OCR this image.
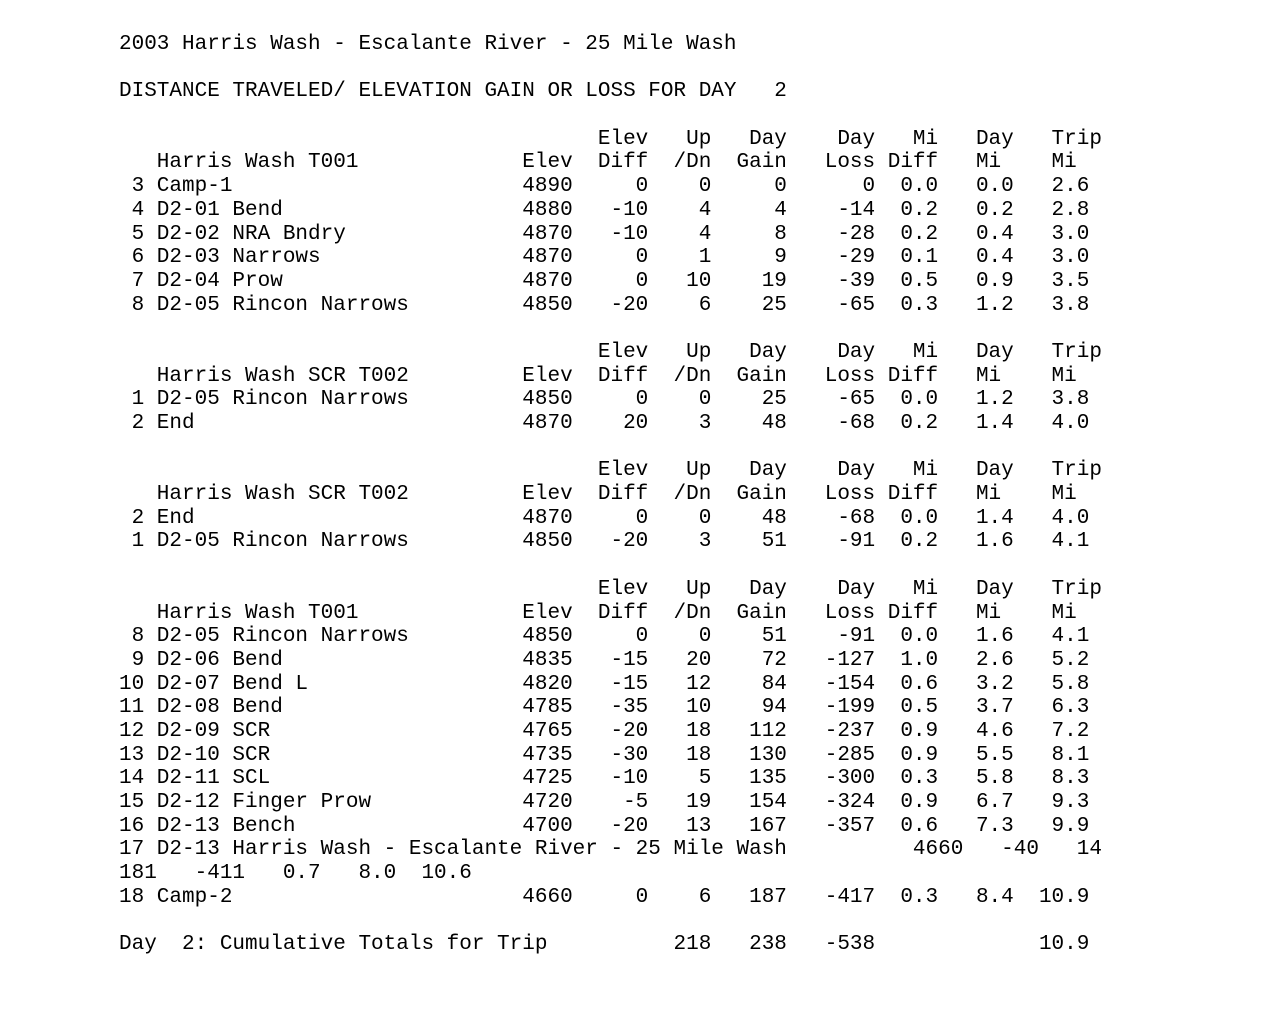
2003 Harris Wash - Escalante River - 25 Mile Wash
DISTANCE TRAVELED/ ELEVATION GAIN OR LOSS FOR DAY   2
Elev   Up   Day    Day   Mi   Day   Trip
Harris Wash T001             Elev  Diff  /Dn  Gain   Loss Diff   Mi    Mi
3 Camp-1                       4890     0    0     0      0  0.0   0.0   2.6
4 D2-01 Bend                   4880   -10    4     4    -14  0.2   0.2   2.8
5 D2-02 NRA Bndry              4870   -10    4     8    -28  0.2   0.4   3.0
6 D2-03 Narrows                4870     0    1     9    -29  0.1   0.4   3.0
7 D2-04 Prow                   4870     0   10    19    -39  0.5   0.9   3.5
8 D2-05 Rincon Narrows         4850   -20    6    25    -65  0.3   1.2   3.8
Elev   Up   Day    Day   Mi   Day   Trip
Harris Wash SCR T002         Elev  Diff  /Dn  Gain   Loss Diff   Mi    Mi
1 D2-05 Rincon Narrows         4850     0    0    25    -65  0.0   1.2   3.8
2 End                          4870    20    3    48    -68  0.2   1.4   4.0
Elev   Up   Day    Day   Mi   Day   Trip
Harris Wash SCR T002         Elev  Diff  /Dn  Gain   Loss Diff   Mi    Mi
2 End                          4870     0    0    48    -68  0.0   1.4   4.0
1 D2-05 Rincon Narrows         4850   -20    3    51    -91  0.2   1.6   4.1
Elev   Up   Day    Day   Mi   Day   Trip
Harris Wash T001             Elev  Diff  /Dn  Gain   Loss Diff   Mi    Mi
8 D2-05 Rincon Narrows         4850     0    0    51    -91  0.0   1.6   4.1
9 D2-06 Bend                   4835   -15   20    72   -127  1.0   2.6   5.2
10 D2-07 Bend L                 4820   -15   12    84   -154  0.6   3.2   5.8
11 D2-08 Bend                   4785   -35   10    94   -199  0.5   3.7   6.3
12 D2-09 SCR                    4765   -20   18   112   -237  0.9   4.6   7.2
13 D2-10 SCR                    4735   -30   18   130   -285  0.9   5.5   8.1
14 D2-11 SCL                    4725   -10    5   135   -300  0.3   5.8   8.3
15 D2-12 Finger Prow            4720    -5   19   154   -324  0.9   6.7   9.3
16 D2-13 Bench                  4700   -20   13   167   -357  0.6   7.3   9.9
17 D2-13 Harris Wash - Escalante River - 25 Mile Wash          4660   -40   14
181   -411   0.7   8.0  10.6
18 Camp-2                       4660     0    6   187   -417  0.3   8.4  10.9
Day  2: Cumulative Totals for Trip          218   238   -538             10.9
